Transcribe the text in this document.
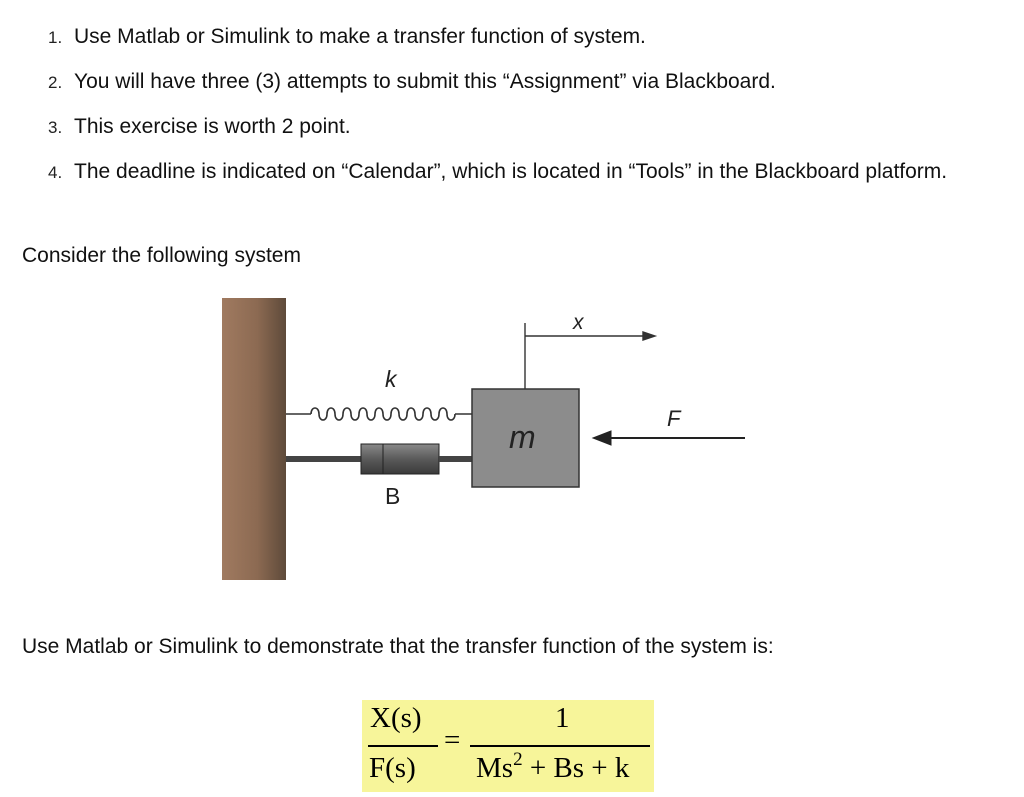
1. Use Matlab or Simulink to make a transfer function of system.
2. You will have three (3) attempts to submit this “Assignment” via Blackboard.
3. This exercise is worth 2 point.
4. The deadline is indicated on “Calendar”, which is located in “Tools” in the Blackboard platform.
Consider the following system
x
k
m
F
B
Use Matlab or Simulink to demonstrate that the transfer function of the system is:
X(s)
F(s)
=
1
$Ms^2 + Bs + k$
